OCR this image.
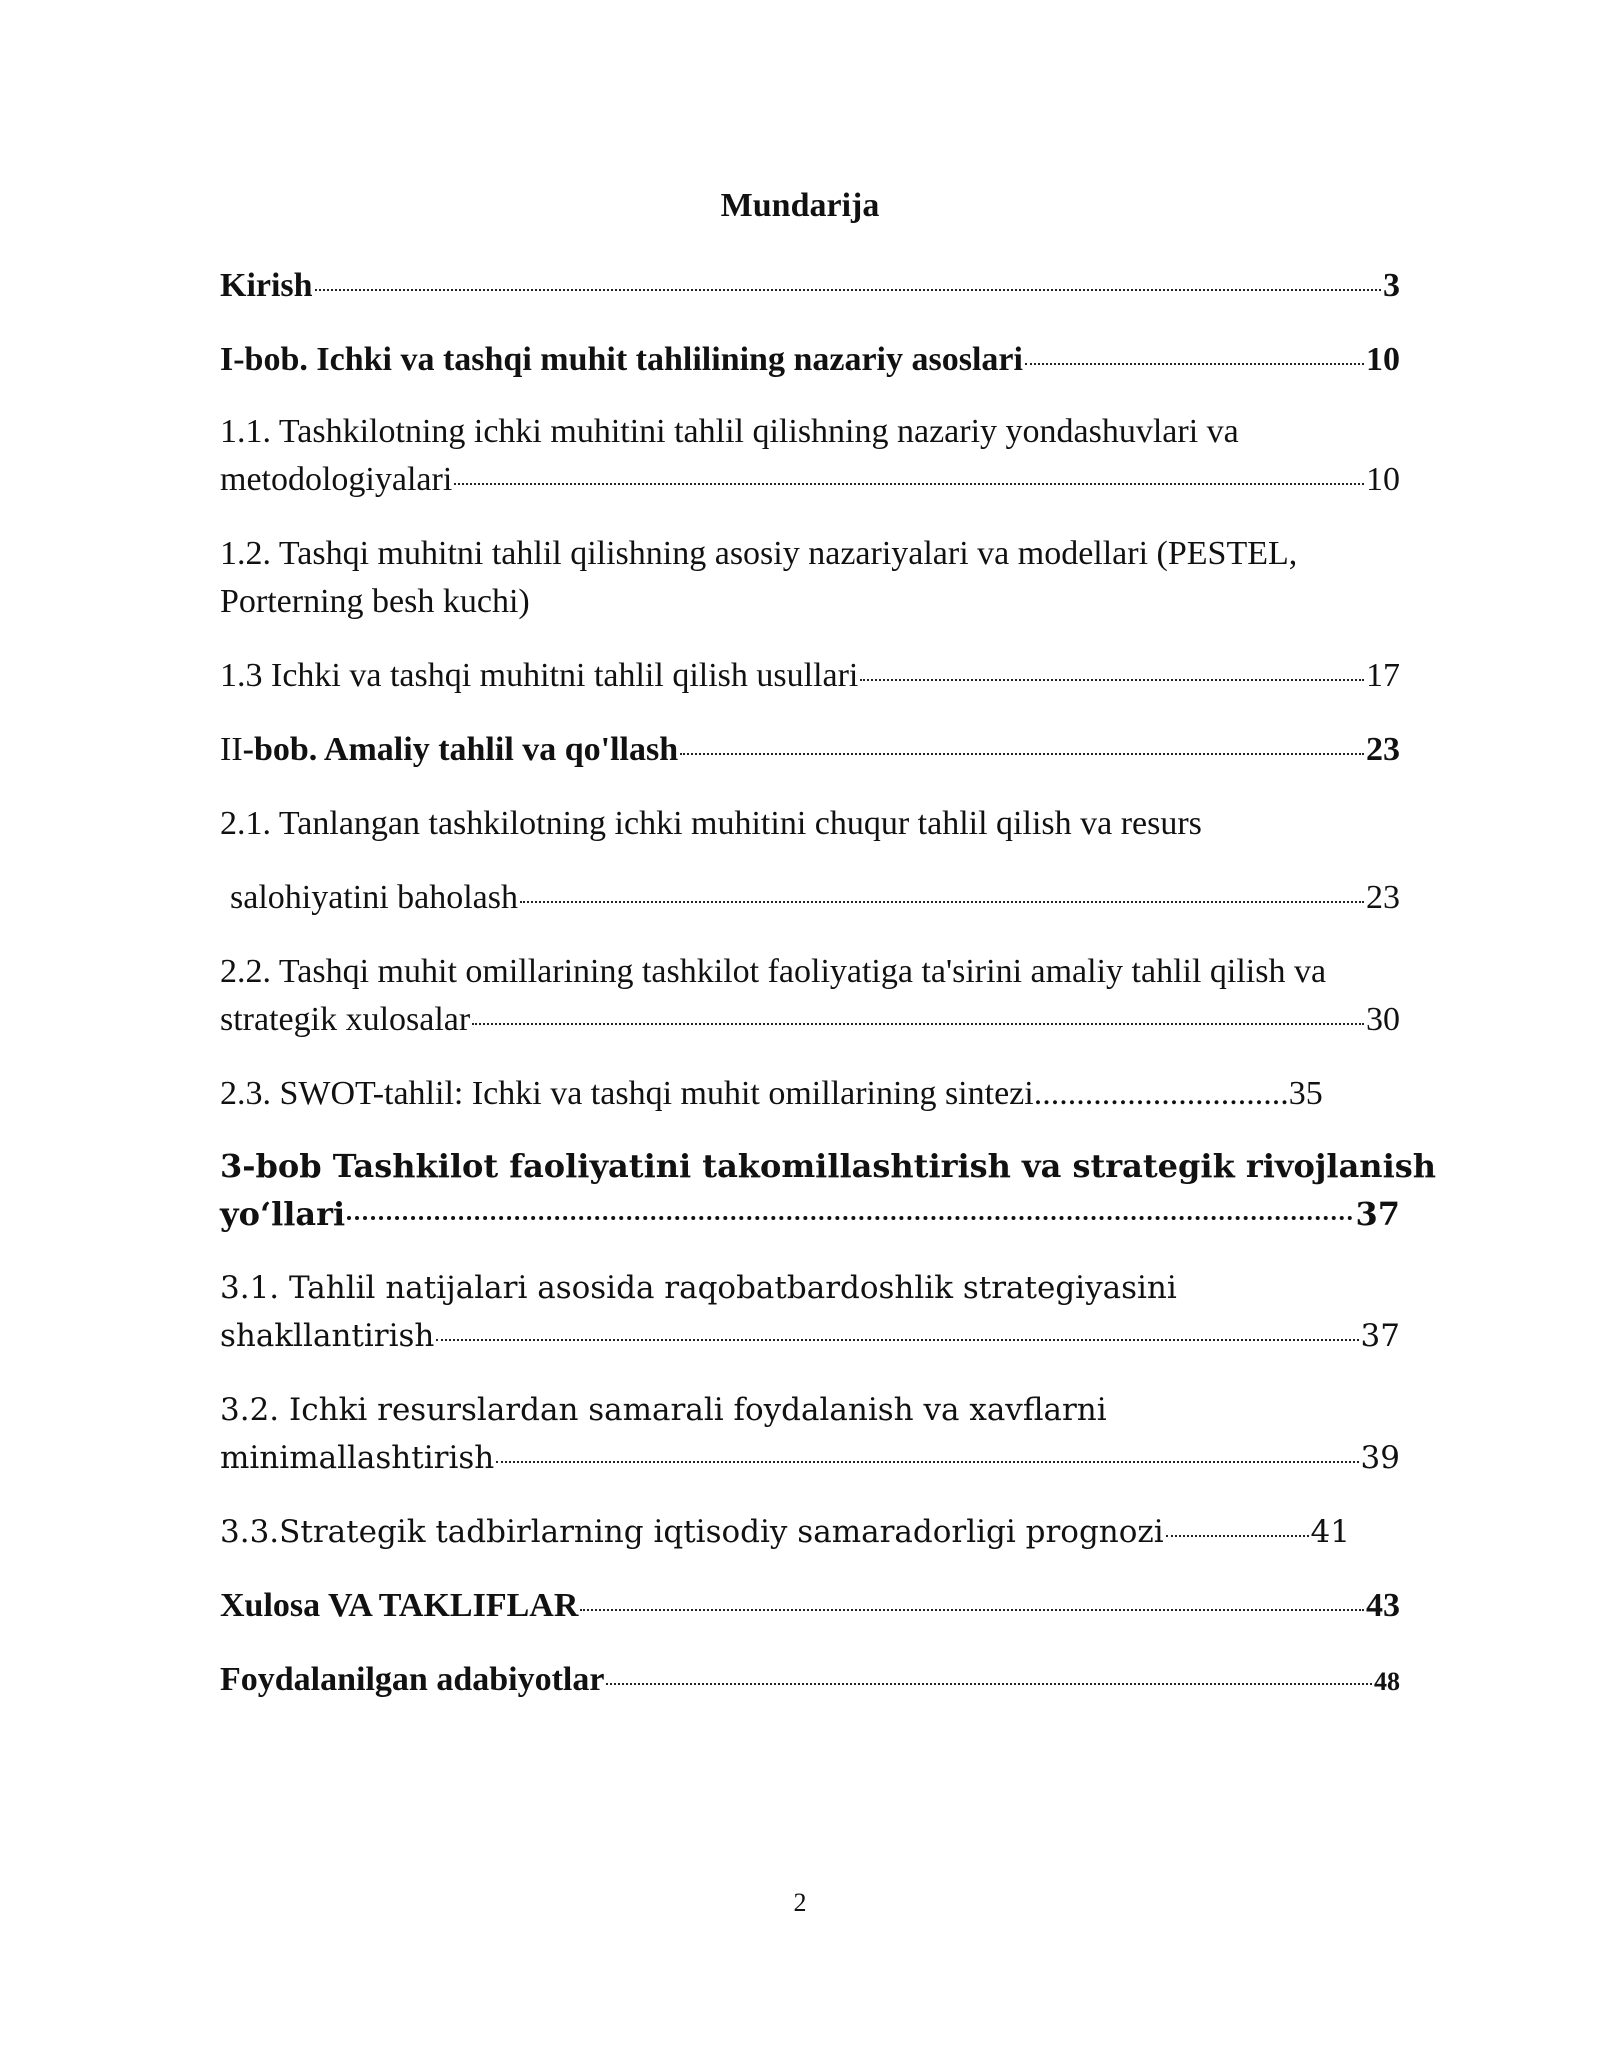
Mundarija
Kirish	3
I-bob. Ichki va tashqi muhit tahlilining nazariy asoslari	10
1.1. Tashkilotning ichki muhitini tahlil qilishning nazariy yondashuvlari va
metodologiyalari	10
1.2. Tashqi muhitni tahlil qilishning asosiy nazariyalari va modellari (PESTEL,
Porterning besh kuchi)
1.3 Ichki va tashqi muhitni tahlil qilish usullari	17
II -bob. Amaliy tahlil va qo'llash	23
2.1. Tanlangan tashkilotning ichki muhitini chuqur tahlil qilish va resurs
salohiyatini baholash	23
2.2. Tashqi muhit omillarining tashkilot faoliyatiga ta'sirini amaliy tahlil qilish va
strategik xulosalar	30
2.3. SWOT-tahlil: Ichki va tashqi muhit omillarining sintezi..............................35
3-bob Tashkilot faoliyatini takomillashtirish va strategik rivojlanish
yo‘llari	37
3.1. Tahlil natijalari asosida raqobatbardoshlik strategiyasini
shakllantirish	37
3.2. Ichki resurslardan samarali foydalanish va xavflarni
minimallashtirish	39
3.3.Strategik tadbirlarning iqtisodiy samaradorligi prognozi	41
Xulosa VA TAKLIFLAR	43
Foydalanilgan adabiyotlar	48
2
